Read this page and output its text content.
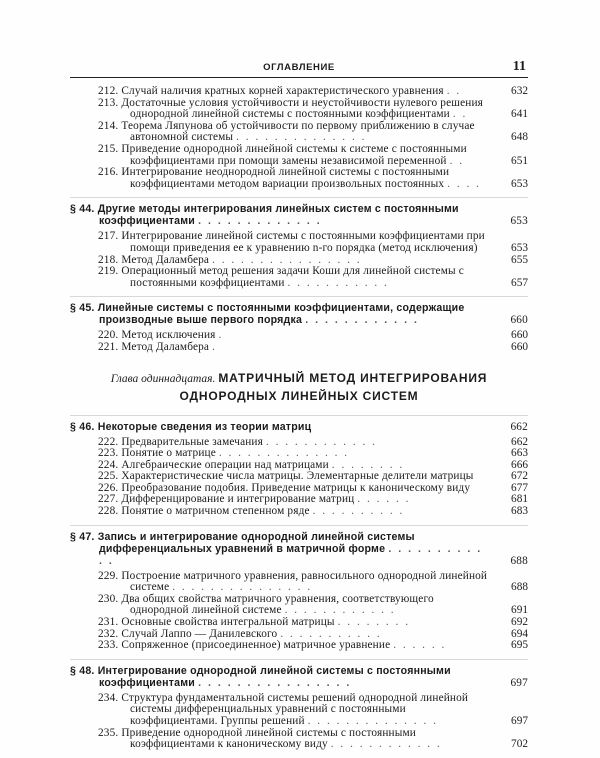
ОГЛАВЛЕНИЕ	11
212. Случай наличия кратных корней характеристического уравнения . .	632
213. Достаточные условия устойчивости и неустойчивости нулевого решения однородной линейной системы с постоянными коэффициентами . .	641
214. Теорема Ляпунова об устойчивости по первому приближению в случае автономной системы . . . . . . . . . . . . . .	648
215. Приведение однородной линейной системы к системе с постоянными коэффициентами при помощи замены независимой переменной . .	651
216. Интегрирование неоднородной линейной системы с постоянными коэффициентами методом вариации произвольных постоянных . . . .	653
§ 44. Другие методы интегрирования линейных систем с постоянными коэффициентами . . . . . . . . . . . . .	653
217. Интегрирование линейной системы с постоянными коэффициентами при помощи приведения ее к уравнению n-го порядка (метод исключения)	653
218. Метод Даламбера . . . . . . . . . . . . . . . .	655
219. Операционный метод решения задачи Коши для линейной системы с постоянными коэффициентами . . . . . . . . . . .	657
§ 45. Линейные системы с постоянными коэффициентами, содержащие производные выше первого порядка . . . . . . . . . . . .	660
220. Метод исключения .	660
221. Метод Даламбера .	660
Глава одиннадцатая. МАТРИЧНЫЙ МЕТОД ИНТЕГРИРОВАНИЯ
ОДНОРОДНЫХ ЛИНЕЙНЫХ СИСТЕМ
§ 46. Некоторые сведения из теории матриц	662
222. Предварительные замечания . . . . . . . . . . . .	662
223. Понятие о матрице . . . . . . . . . . . . . .	663
224. Алгебраические операции над матрицами . . . . . . . .	666
225. Характеристические числа матрицы. Элементарные делители матрицы	672
226. Преобразование подобия. Приведение матрицы к каноническому виду	677
227. Дифференцирование и интегрирование матриц . . . . . .	681
228. Понятие о матричном степенном ряде . . . . . . . . . .	683
§ 47. Запись и интегрирование однородной линейной системы дифференциальных уравнений в матричной форме . . . . . . . . . . . .	688
229. Построение матричного уравнения, равносильного однородной линейной системе . . . . . . . . . . . . . . .	688
230. Два общих свойства матричного уравнения, соответствующего однородной линейной системе . . . . . . . . . . . .	691
231. Основные свойства интегральной матрицы . . . . . . . .	692
232. Случай Лаппо — Данилевского . . . . . . . . . . .	694
233. Сопряженное (присоединенное) матричное уравнение . . . . . .	695
§ 48. Интегрирование однородной линейной системы с постоянными коэффициентами . . . . . . . . . . . . . . . .	697
234. Структура фундаментальной системы решений однородной линейной системы дифференциальных уравнений с постоянными коэффициентами. Группы решений . . . . . . . . . . . . . .	697
235. Приведение однородной линейной системы с постоянными коэффициентами к каноническому виду . . . . . . . . . . . .	702
